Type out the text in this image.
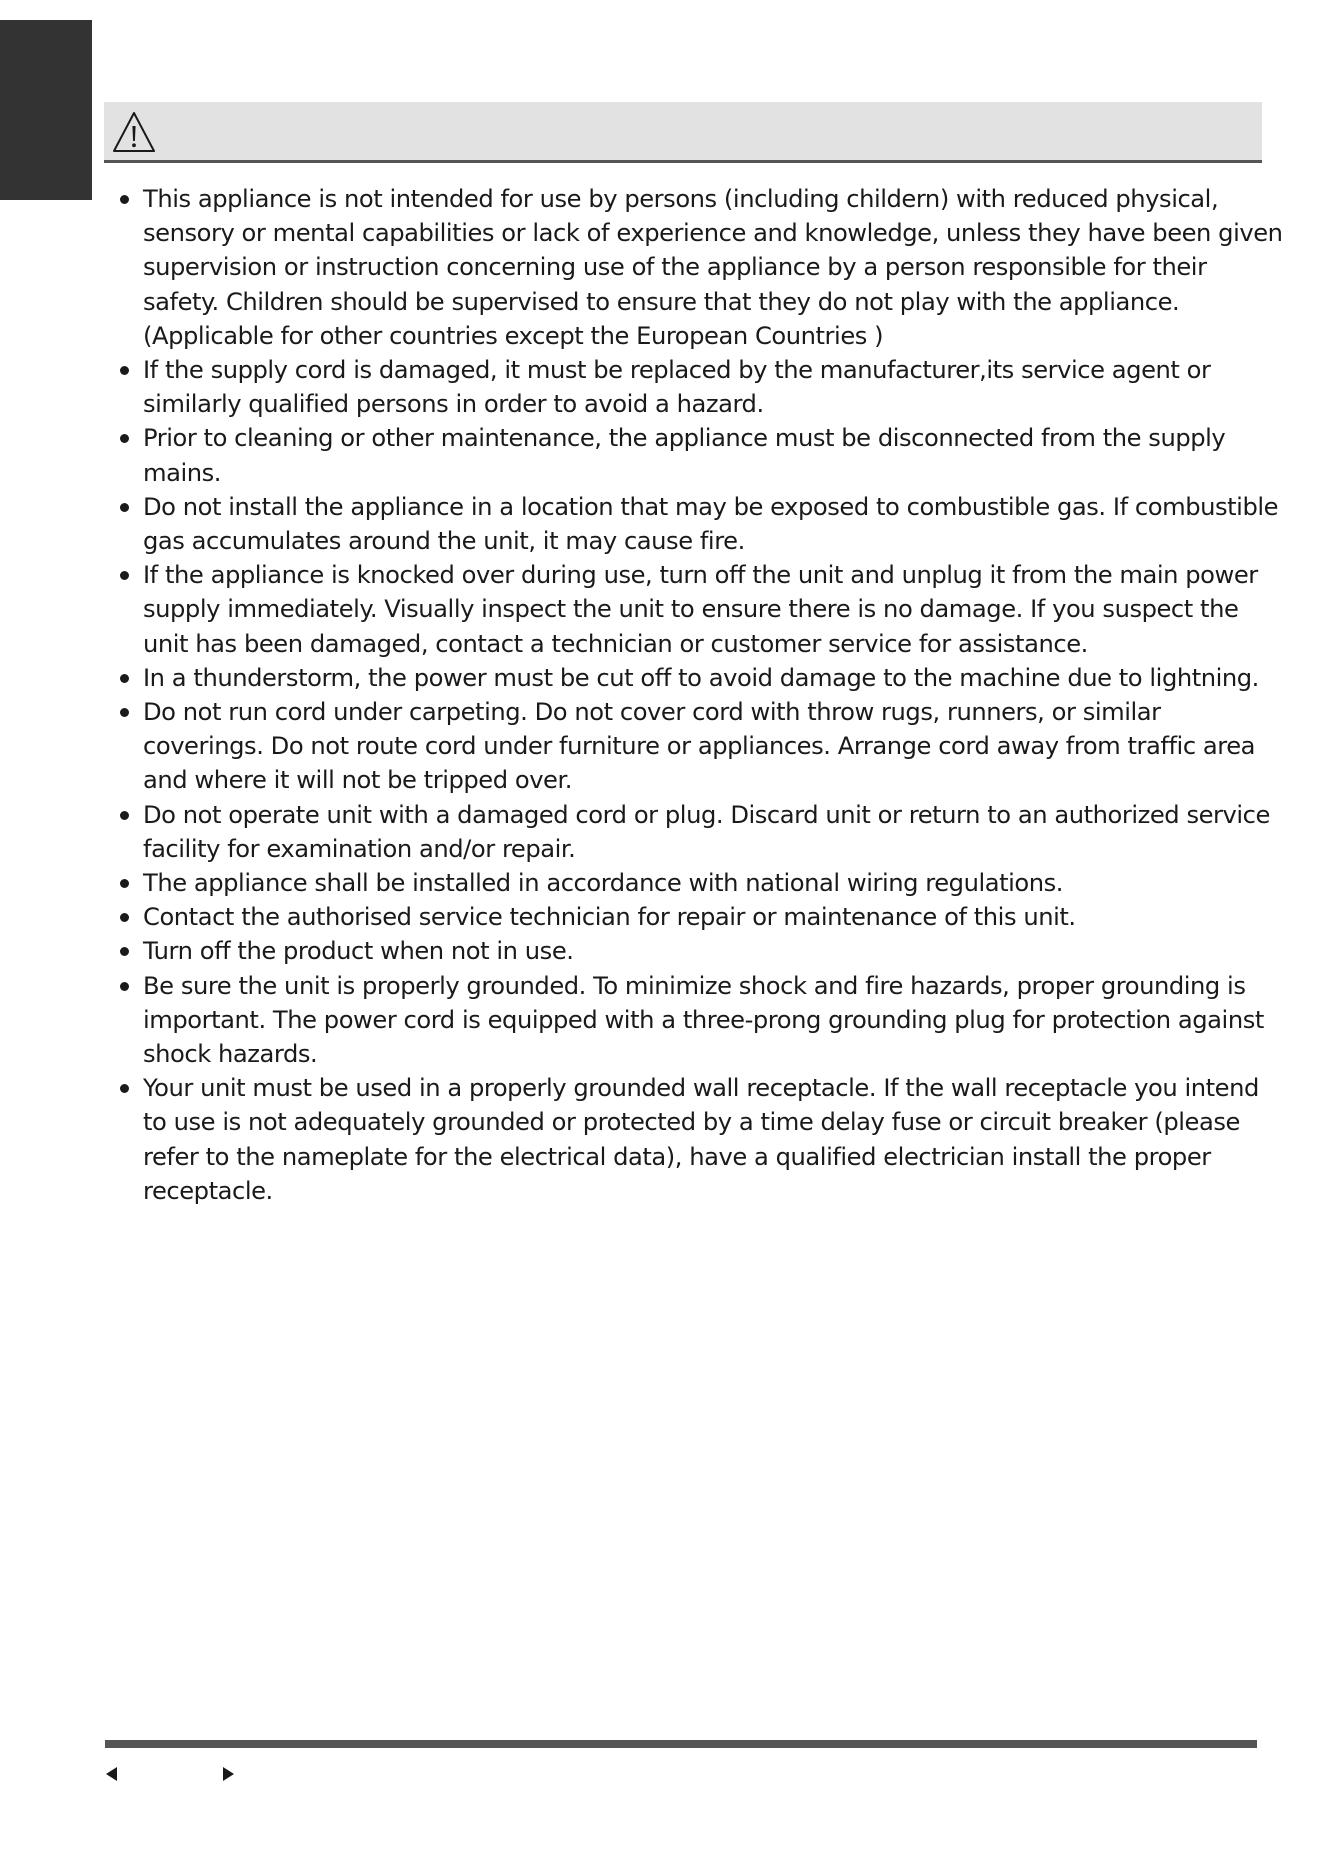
This appliance is not intended for use by persons (including childern) with reduced physical, sensory or mental capabilities or lack of experience and knowledge, unless they have been given supervision or instruction concerning use of the appliance by a person responsible for their safety. Children should be supervised to ensure that they do not play with the appliance. (Applicable for other countries except the European Countries )
If the supply cord is damaged, it must be replaced by the manufacturer,its service agent or similarly qualified persons in order to avoid a hazard.
Prior to cleaning or other maintenance, the appliance must be disconnected from the supply mains.
Do not install the appliance in a location that may be exposed to combustible gas. If combustible gas accumulates around the unit, it may cause fire.
If the appliance is knocked over during use, turn off the unit and unplug it from the main power supply immediately. Visually inspect the unit to ensure there is no damage. If you suspect the unit has been damaged, contact a technician or customer service for assistance.
In a thunderstorm, the power must be cut off to avoid damage to the machine due to lightning.
Do not run cord under carpeting. Do not cover cord with throw rugs, runners, or similar coverings. Do not route cord under furniture or appliances. Arrange cord away from traffic area and where it will not be tripped over.
Do not operate unit with a damaged cord or plug. Discard unit or return to an authorized service facility for examination and/or repair.
The appliance shall be installed in accordance with national wiring regulations.
Contact the authorised service technician for repair or maintenance of this unit.
Turn off the product when not in use.
Be sure the unit is properly grounded. To minimize shock and fire hazards, proper grounding is important. The power cord is equipped with a three-prong grounding plug for protection against shock hazards.
Your unit must be used in a properly grounded wall receptacle. If the wall receptacle you intend to use is not adequately grounded or protected by a time delay fuse or circuit breaker (please refer to the nameplate for the electrical data), have a qualified electrician install the proper receptacle.
